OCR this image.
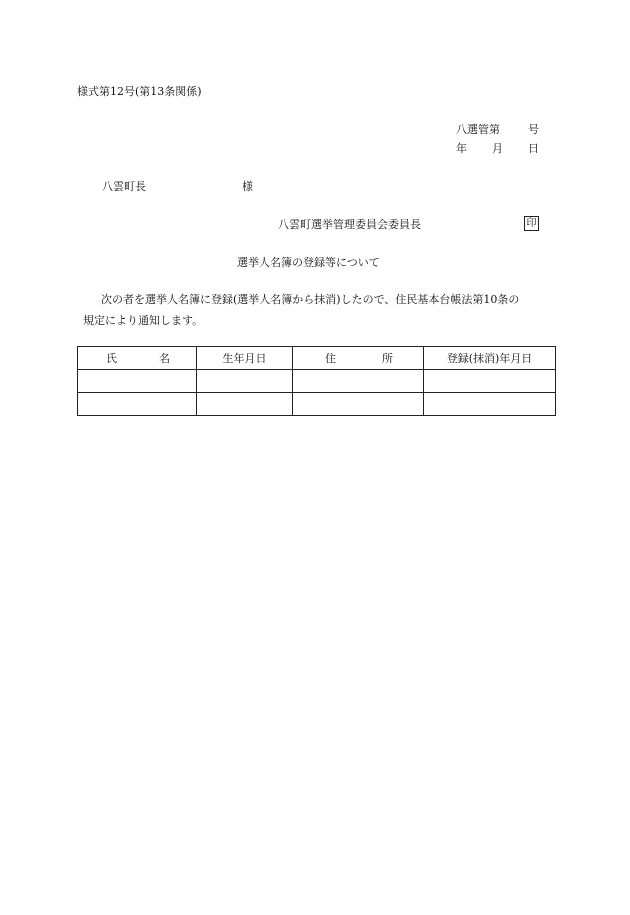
様式第12号(第13条関係)
八選管第	号
年 月 日
八雲町長	様
八雲町選挙管理委員会委員長	印
選挙人名簿の登録等について
次の者を選挙人名簿に登録(選挙人名簿から抹消)したので、住民基本台帳法第10条の
規定により通知します。
氏 名	生年月日	住 所	登録(抹消)年月日
